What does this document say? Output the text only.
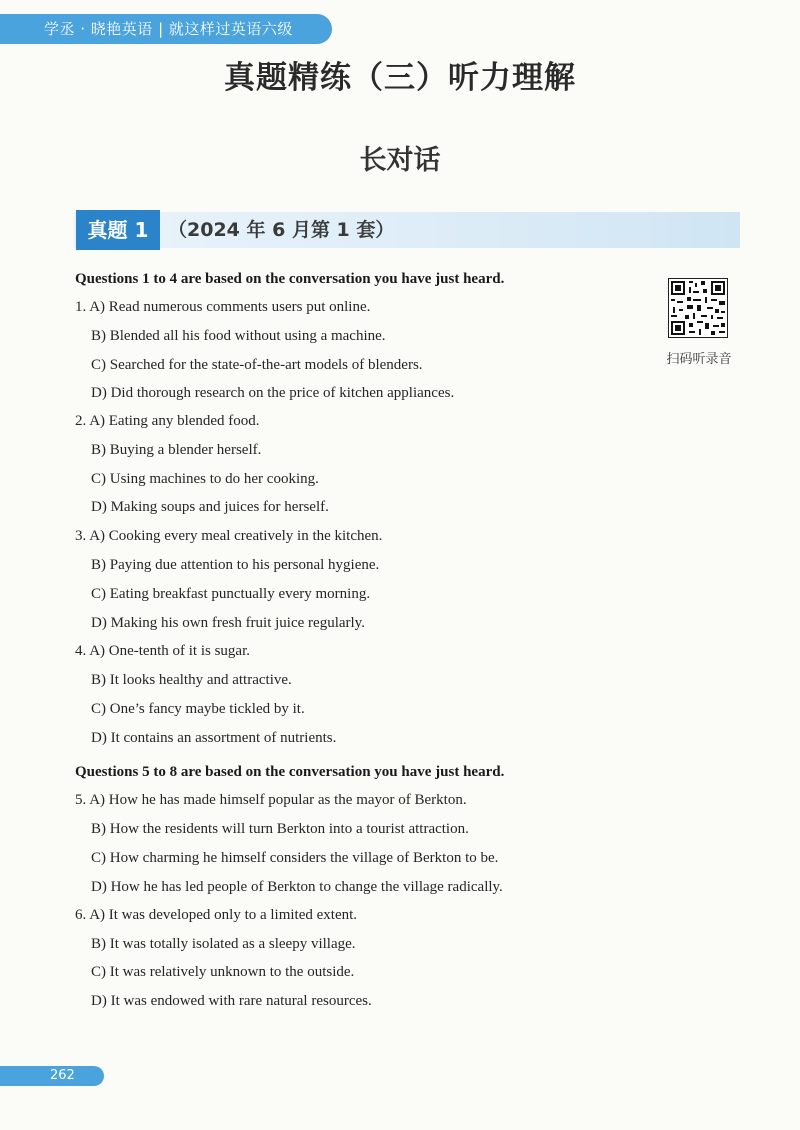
学丞 · 晓艳英语 | 就这样过英语六级
真题精练（三）听力理解
长对话
真题 1	（2024 年 6 月第 1 套）
扫码听录音
Questions 1 to 4 are based on the conversation you have just heard.
1. A) Read numerous comments users put online.
B) Blended all his food without using a machine.
C) Searched for the state-of-the-art models of blenders.
D) Did thorough research on the price of kitchen appliances.
2. A) Eating any blended food.
B) Buying a blender herself.
C) Using machines to do her cooking.
D) Making soups and juices for herself.
3. A) Cooking every meal creatively in the kitchen.
B) Paying due attention to his personal hygiene.
C) Eating breakfast punctually every morning.
D) Making his own fresh fruit juice regularly.
4. A) One-tenth of it is sugar.
B) It looks healthy and attractive.
C) One’s fancy maybe tickled by it.
D) It contains an assortment of nutrients.
Questions 5 to 8 are based on the conversation you have just heard.
5. A) How he has made himself popular as the mayor of Berkton.
B) How the residents will turn Berkton into a tourist attraction.
C) How charming he himself considers the village of Berkton to be.
D) How he has led people of Berkton to change the village radically.
6. A) It was developed only to a limited extent.
B) It was totally isolated as a sleepy village.
C) It was relatively unknown to the outside.
D) It was endowed with rare natural resources.
262
